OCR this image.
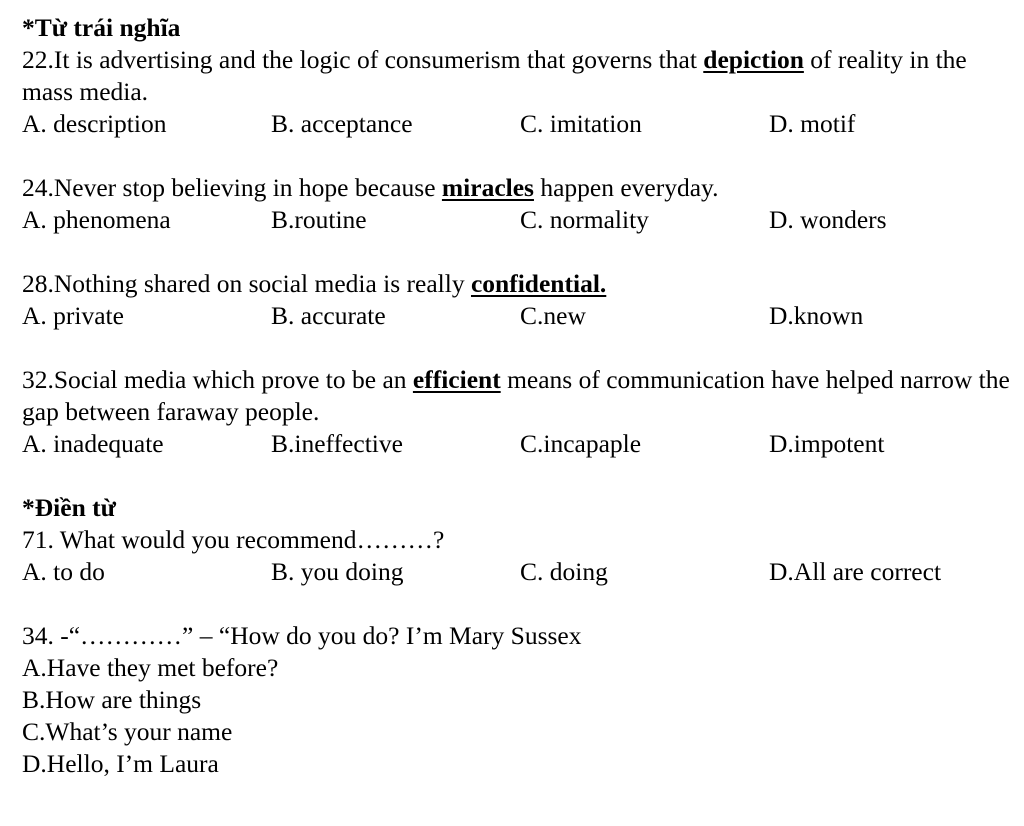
*Từ trái nghĩa
22.It is advertising and the logic of consumerism that governs that depiction of reality in the mass media.
A. description	B. acceptance	C. imitation	D. motif
24.Never stop believing in hope because miracles happen everyday.
A. phenomena	B.routine	C. normality	D. wonders
28.Nothing shared on social media is really confidential.
A. private	B. accurate	C.new	D.known
32.Social media which prove to be an efficient means of communication have helped narrow the gap between faraway people.
A. inadequate	B.ineffective	C.incapaple	D.impotent
*Điền từ
71. What would you recommend………?
A. to do	B. you doing	C. doing	D.All are correct
34. -“…………” – “How do you do? I’m Mary Sussex
A.Have they met before?
B.How are things
C.What’s your name
D.Hello, I’m Laura
